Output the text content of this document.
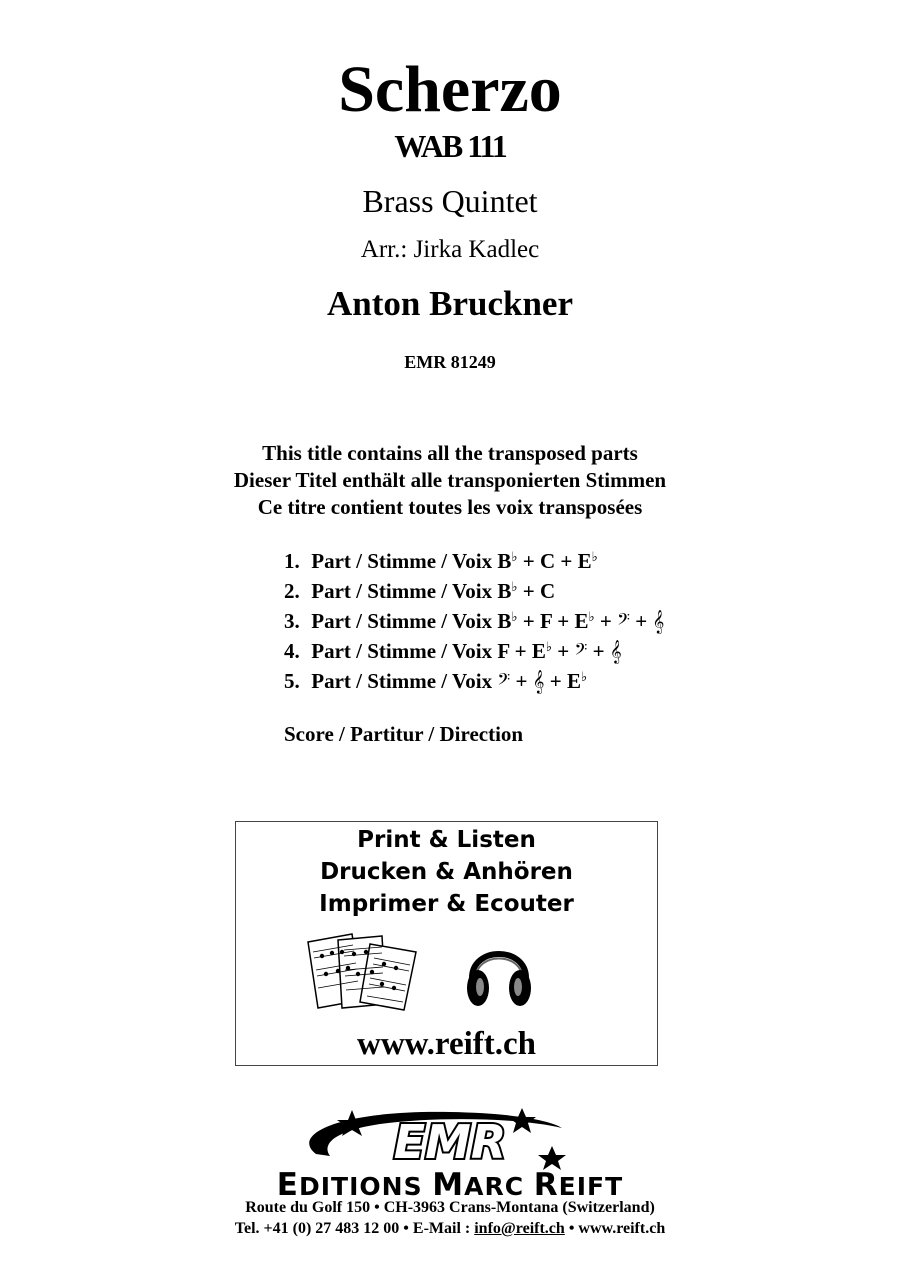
Scherzo
WAB 111
Brass Quintet
Arr.: Jirka Kadlec
Anton Bruckner
EMR 81249
This title contains all the transposed parts
Dieser Titel enthält alle transponierten Stimmen
Ce titre contient toutes les voix transposées
1. Part / Stimme / Voix B♭ + C + E♭
2. Part / Stimme / Voix B♭ + C
3. Part / Stimme / Voix B♭ + F + E♭ + 𝄢 + 𝄞
4. Part / Stimme / Voix F + E♭ + 𝄢 + 𝄞
5. Part / Stimme / Voix 𝄢 + 𝄞 + E♭
Score / Partitur / Direction
Print & Listen
Drucken & Anhören
Imprimer & Ecouter
www.reift.ch
EMR
EDITIONS MARC REIFT
Route du Golf 150 • CH-3963 Crans-Montana (Switzerland)
Tel. +41 (0) 27 483 12 00 • E-Mail : info@reift.ch • www.reift.ch
